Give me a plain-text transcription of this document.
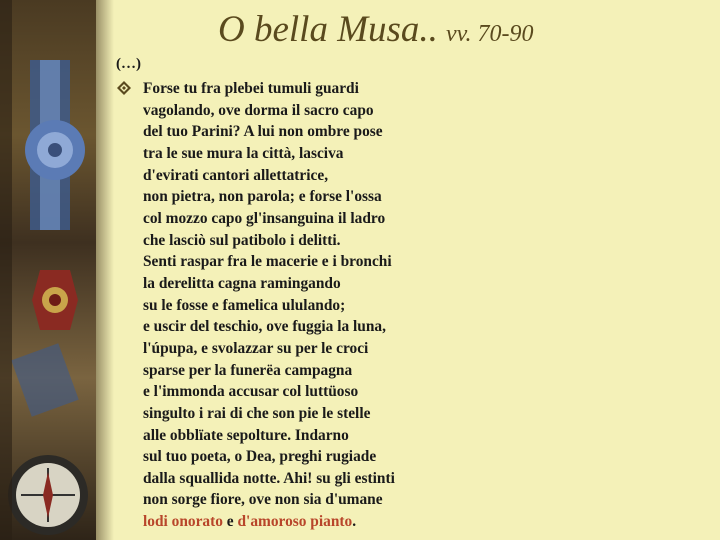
O bella Musa.. vv. 70-90
(…)
Forse tu fra plebei tumuli guardi
vagolando, ove dorma il sacro capo
del tuo Parini? A lui non ombre pose
tra le sue mura la città, lasciva
d'evirati cantori allettatrice,
non pietra, non parola; e forse l'ossa
col mozzo capo gl'insanguina il ladro
che lasciò sul patibolo i delitti.
Senti raspar fra le macerie e i bronchi
la derelitta cagna ramingando
su le fosse e famelica ululando;
e uscir del teschio, ove fuggia la luna,
l'úpupa, e svolazzar su per le croci
sparse per la funerëa campagna
e l'immonda accusar col luttüoso
singulto i rai di che son pie le stelle
alle obblïate sepolture. Indarno
sul tuo poeta, o Dea, preghi rugiade
dalla squallida notte. Ahi! su gli estinti
non sorge fiore, ove non sia d'umane
lodi onorato e d'amoroso pianto.
